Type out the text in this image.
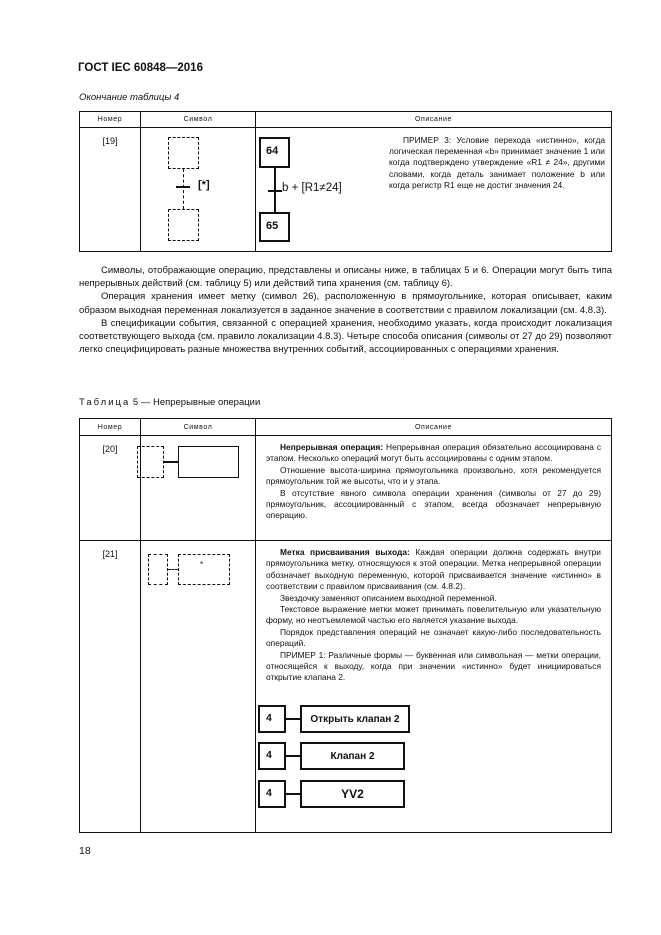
ГОСТ IEC 60848—2016
Окончание таблицы 4
Номер	Символ	Описание
[19]		
[*]
64
b + [R1≠24]
65
ПРИМЕР 3: Условие перехода «истинно», когда логическая переменная «b» принимает значение 1 или когда подтверждено утверждение «R1 ≠ 24», другими словами, когда деталь занимает положение b или когда регистр R1 еще не достиг значения 24.

Символы, отображающие операцию, представлены и описаны ниже, в таблицах 5 и 6. Операции могут быть типа непрерывных действий (см. таблицу 5) или действий типа хранения (см. таблицу 6).

Операция хранения имеет метку (символ 26), расположенную в прямоугольнике, которая описывает, каким образом выходная переменная локализуется в заданное значение в соответствии с правилом локализации (см. 4.8.3).

В спецификации события, связанной с операцией хранения, необходимо указать, когда происходит локализация соответствующего выхода (см. правило локализации 4.8.3). Четыре способа описания (символы от 27 до 29) позволяют легко специфицировать разные множества внутренних событий, ассоциированных с операциями хранения.

Таблица 5 — Непрерывные операции
Номер	Символ	Описание
[20]		Непрерывная операция: Непрерывная операция обязательно ассоциирована с этапом. Несколько операций могут быть ассоциированы с одним этапом.

Отношение высота-ширина прямоугольника произвольно, хотя рекомендуется прямоугольник той же высоты, что и у этапа.

В отсутствие явного символа операции хранения (символы от 27 до 29) прямоугольник, ассоциированный с этапом, всегда обозначает непрерывную операцию.

[21]		Метка присваивания выхода: Каждая операции должна содержать внутри прямоугольника метку, относящуюся к этой операции. Метка непрерывной операции обозначает выходную переменную, которой присваивается значение «истинно» в соответствии с правилом присваивания (см. 4.8.2).

Звездочку заменяют описанием выходной переменной.

Текстовое выражение метки может принимать повелительную или указательную форму, но неотъемлемой частью его является указание выхода.

Порядок представления операций не означает какую-либо последовательность операций.

ПРИМЕР 1: Различные формы — буквенная или символьная — метки операции, относящейся к выходу, когда при значении «истинно» будет инициироваться открытие клапана 2.

*
4	Открыть клапан 2
4	Клапан 2
4	YV2
18
